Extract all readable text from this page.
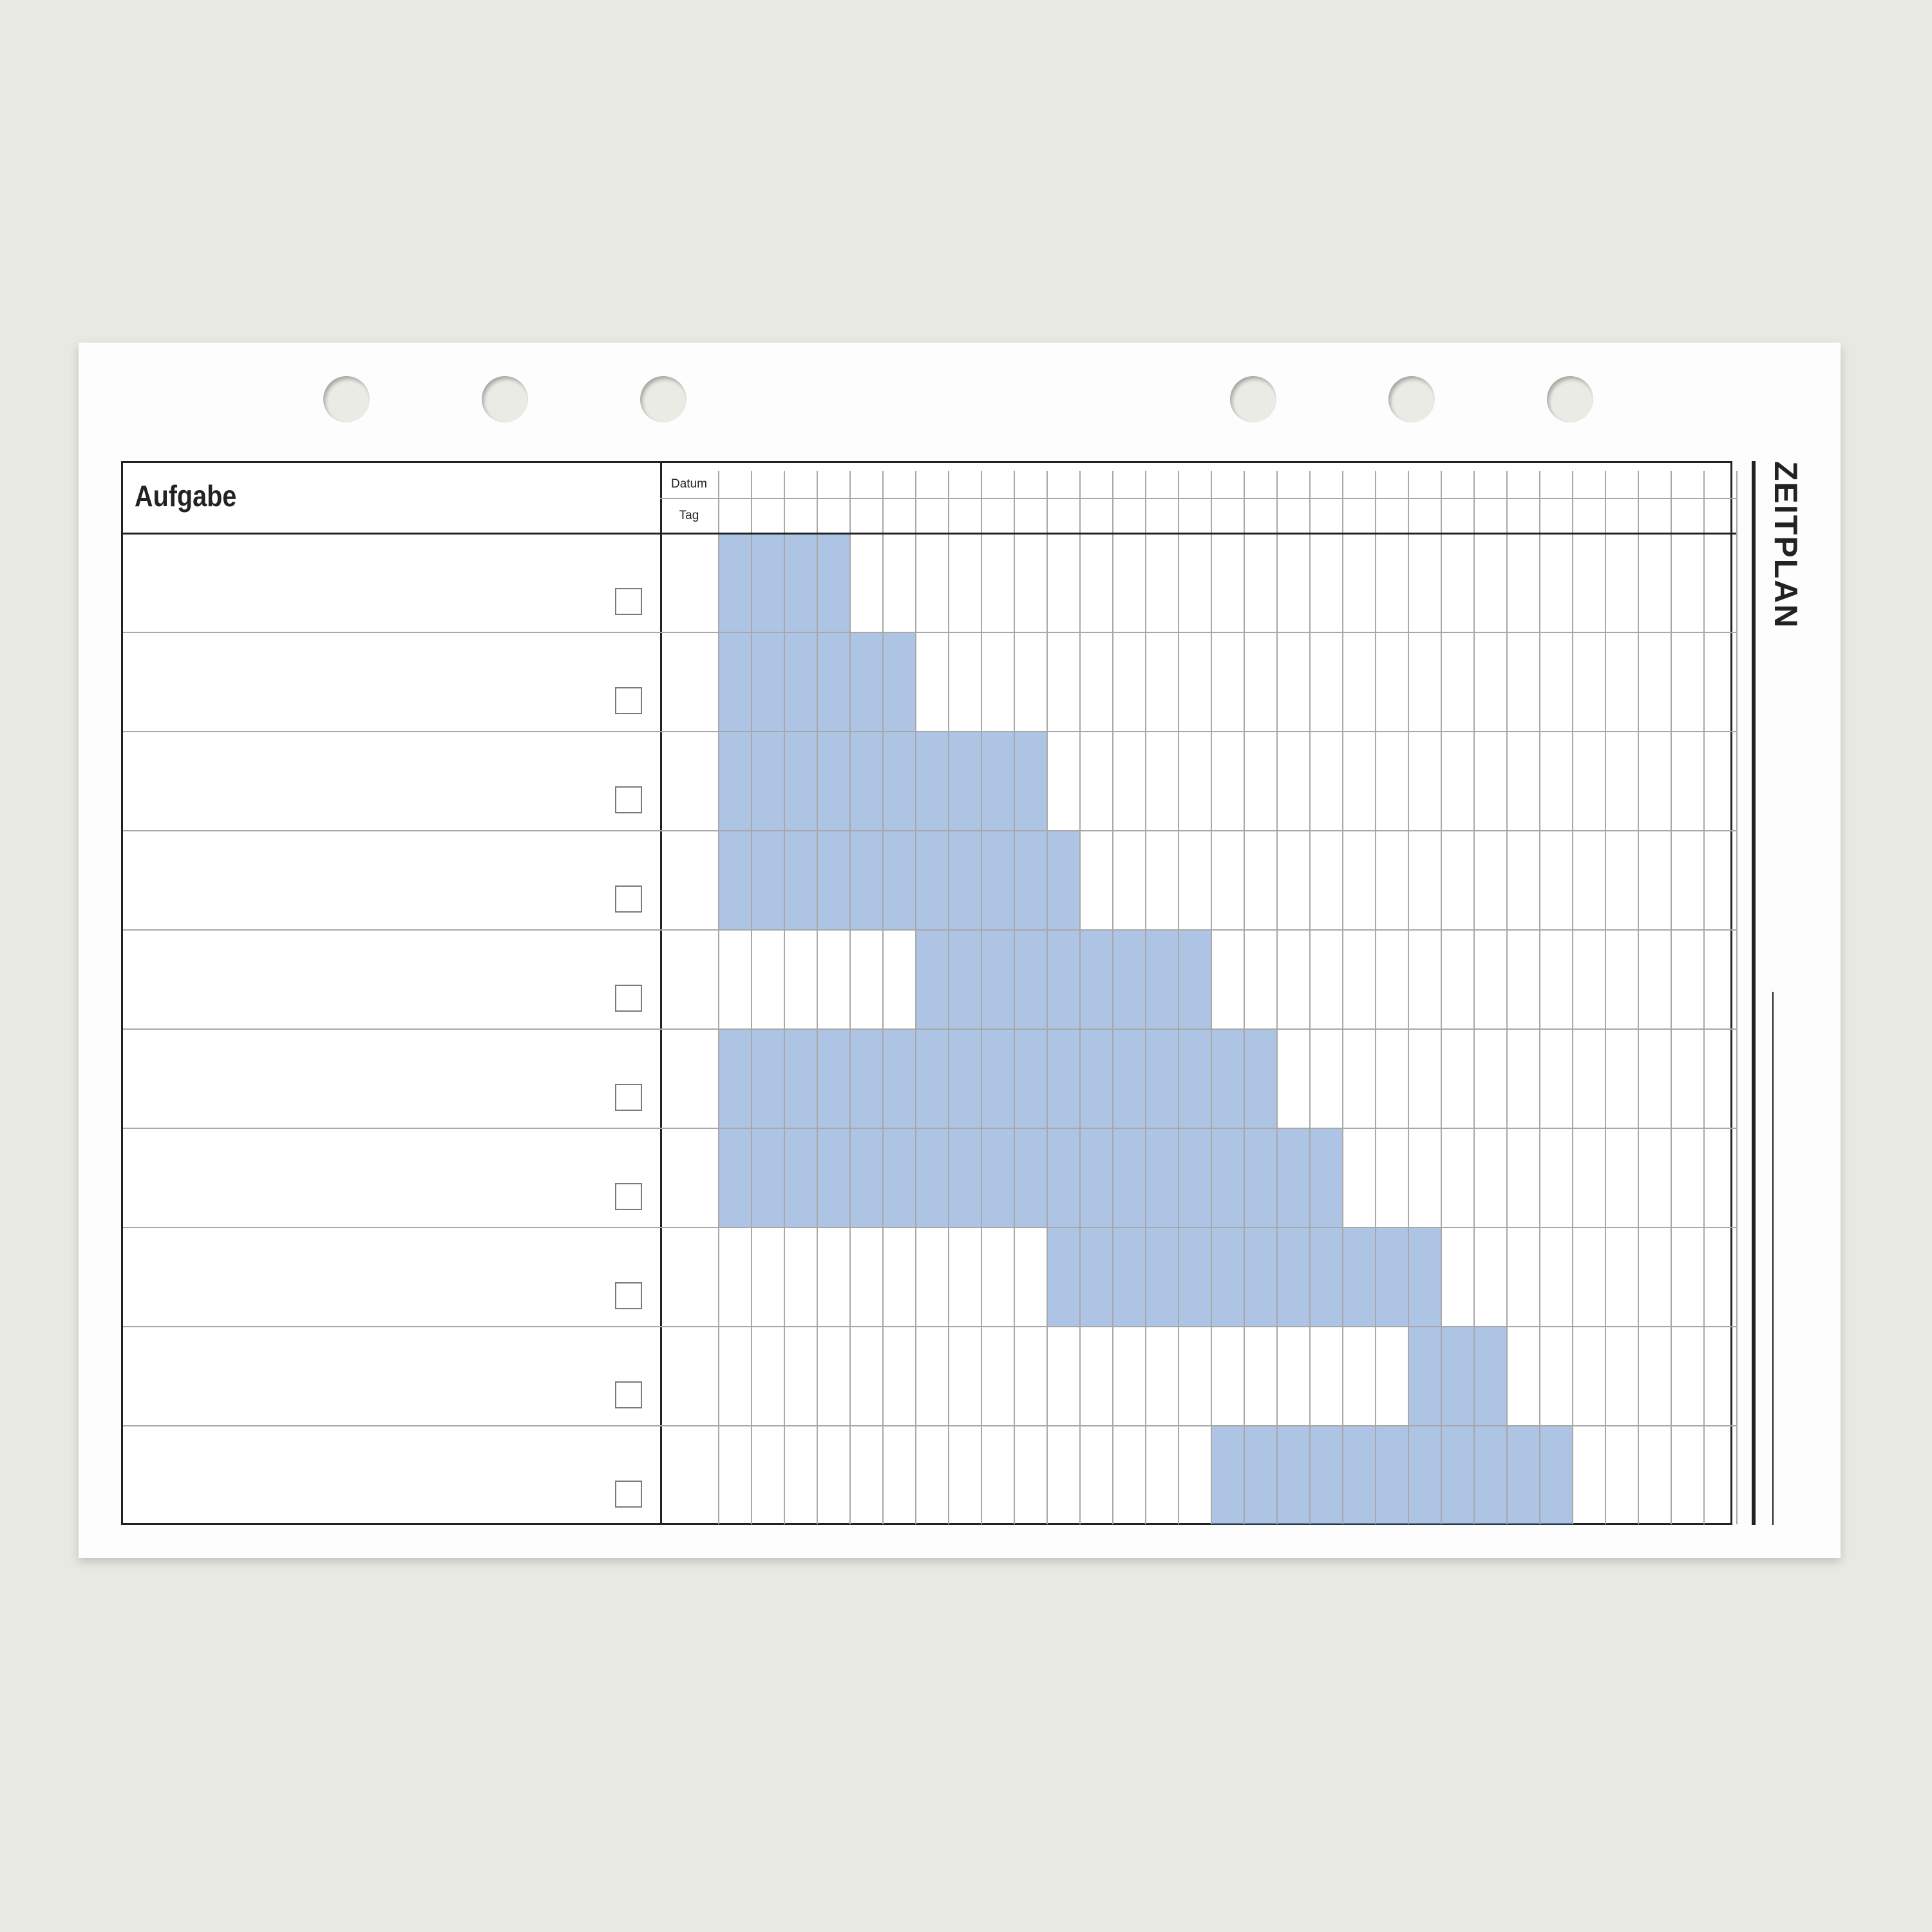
Aufgabe	Datum
Tag	ZEITPLAN
